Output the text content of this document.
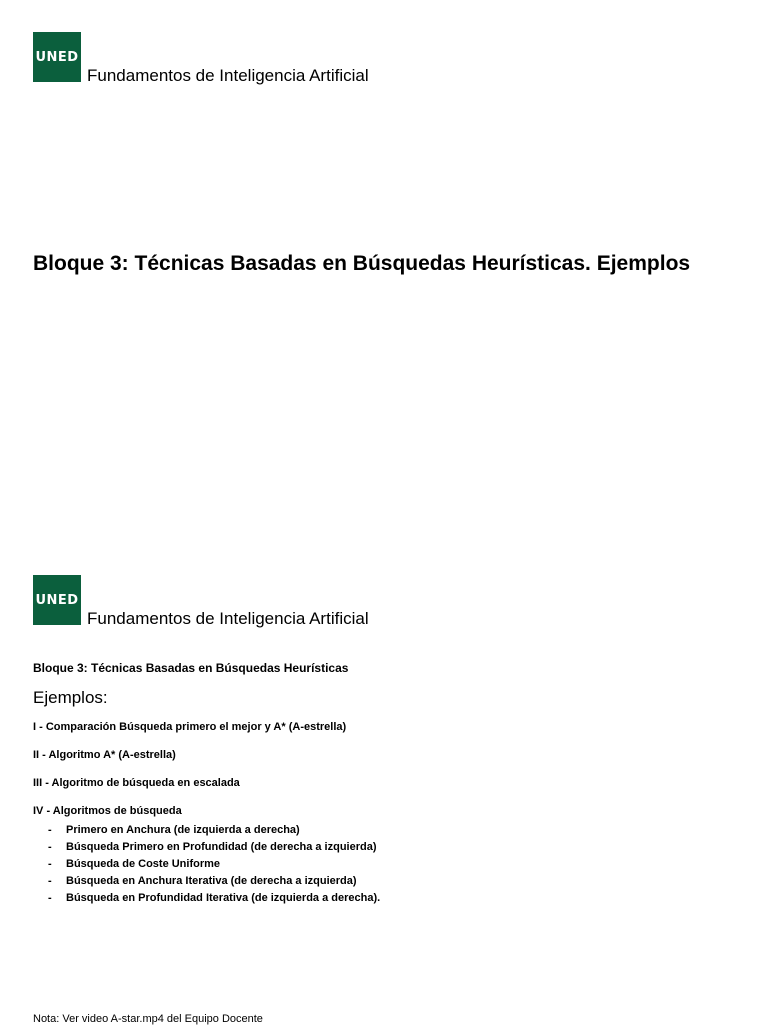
UNED
Fundamentos de Inteligencia Artificial
Bloque 3: Técnicas Basadas en Búsquedas Heurísticas. Ejemplos
UNED
Fundamentos de Inteligencia Artificial
Bloque 3: Técnicas Basadas en Búsquedas Heurísticas
Ejemplos:
I - Comparación Búsqueda primero el mejor y A* (A-estrella)
II - Algoritmo A* (A-estrella)
III - Algoritmo de búsqueda en escalada
IV - Algoritmos de búsqueda
-	Primero en Anchura (de izquierda a derecha)
-	Búsqueda Primero en Profundidad (de derecha a izquierda)
-	Búsqueda de Coste Uniforme
-	Búsqueda en Anchura Iterativa (de derecha a izquierda)
-	Búsqueda en Profundidad Iterativa (de izquierda a derecha).
Nota: Ver video A-star.mp4 del Equipo Docente
